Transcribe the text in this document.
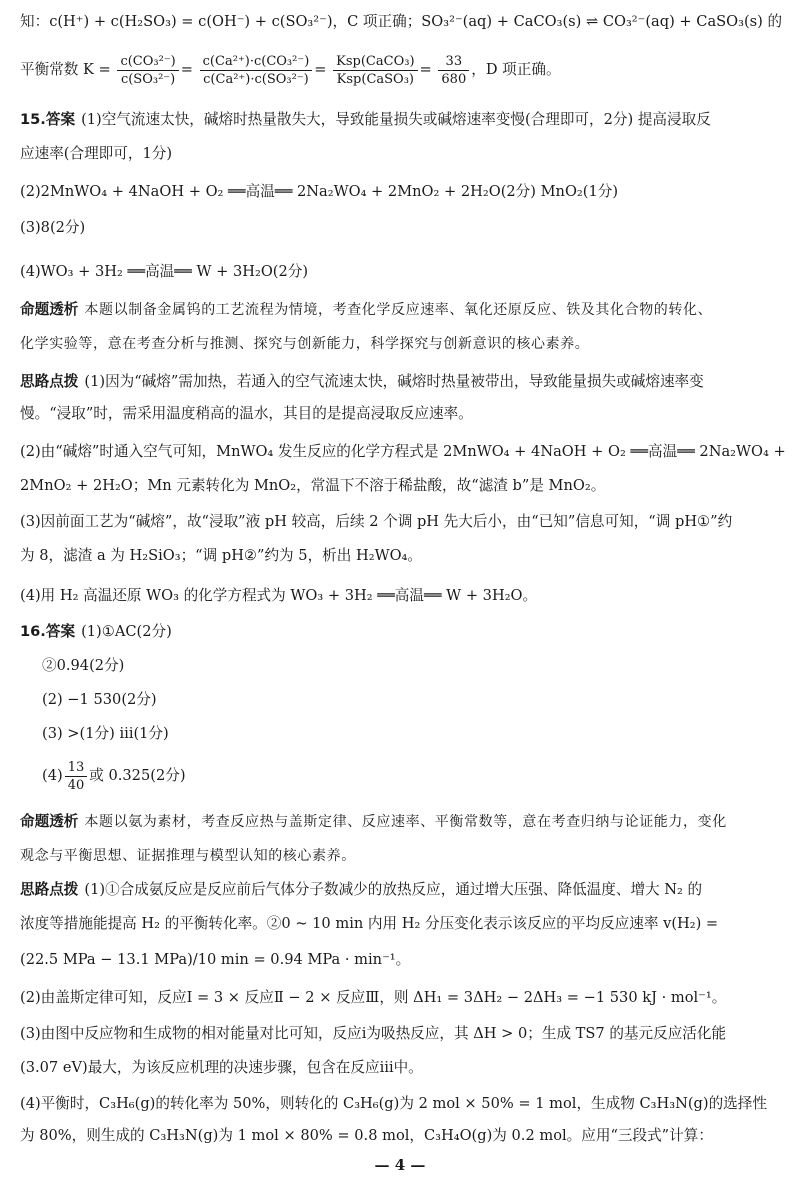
知：c(H⁺) + c(H₂SO₃) = c(OH⁻) + c(SO₃²⁻)，C 项正确；SO₃²⁻(aq) + CaCO₃(s) ⇌ CO₃²⁻(aq) + CaSO₃(s) 的
平衡常数 $K = \frac{\text{c(CO₃²⁻)}}{\text{c(SO₃²⁻)}} = \frac{\text{c(Ca²⁺)·c(CO₃²⁻)}}{\text{c(Ca²⁺)·c(SO₃²⁻)}} = \frac{\text{Ksp(CaCO₃)}}{\text{Ksp(CaSO₃)}} = \frac{33}{680}$ ，D 项正确。
15.答案 (1)空气流速太快，碱熔时热量散失大，导致能量损失或碱熔速率变慢(合理即可，2分) 提高浸取反
应速率(合理即可，1分)
(2)2MnWO₄ + 4NaOH + O₂ ══高温══ 2Na₂WO₄ + 2MnO₂ + 2H₂O(2分) MnO₂(1分)
(3)8(2分)
(4)WO₃ + 3H₂ ══高温══ W + 3H₂O(2分)
命题透析 本题以制备金属钨的工艺流程为情境，考查化学反应速率、氧化还原反应、铁及其化合物的转化、
化学实验等，意在考查分析与推测、探究与创新能力，科学探究与创新意识的核心素养。
思路点拨 (1)因为“碱熔”需加热，若通入的空气流速太快，碱熔时热量被带出，导致能量损失或碱熔速率变
慢。“浸取”时，需采用温度稍高的温水，其目的是提高浸取反应速率。
(2)由“碱熔”时通入空气可知，MnWO₄ 发生反应的化学方程式是 2MnWO₄ + 4NaOH + O₂ ══高温══ 2Na₂WO₄ +
2MnO₂ + 2H₂O；Mn 元素转化为 MnO₂，常温下不溶于稀盐酸，故“滤渣 b”是 MnO₂。
(3)因前面工艺为“碱熔”，故“浸取”液 pH 较高，后续 2 个调 pH 先大后小，由“已知”信息可知，“调 pH①”约
为 8，滤渣 a 为 H₂SiO₃；“调 pH②”约为 5，析出 H₂WO₄。
(4)用 H₂ 高温还原 WO₃ 的化学方程式为 WO₃ + 3H₂ ══高温══ W + 3H₂O。
16.答案 (1)①AC(2分)
②0.94(2分)
(2) −1 530(2分)
(3) >(1分) ⅲ(1分)
$(4) \frac{13}{40}$ 或 0.325(2分)
命题透析 本题以氨为素材，考查反应热与盖斯定律、反应速率、平衡常数等，意在考查归纳与论证能力，变化
观念与平衡思想、证据推理与模型认知的核心素养。
思路点拨 (1)①合成氨反应是反应前后气体分子数减少的放热反应，通过增大压强、降低温度、增大 N₂ 的
浓度等措施能提高 H₂ 的平衡转化率。②0 ~ 10 min 内用 H₂ 分压变化表示该反应的平均反应速率 v(H₂) =
(22.5 MPa − 13.1 MPa)/10 min = 0.94 MPa · min⁻¹。
(2)由盖斯定律可知，反应Ⅰ = 3 × 反应Ⅱ − 2 × 反应Ⅲ，则 ΔH₁ = 3ΔH₂ − 2ΔH₃ = −1 530 kJ · mol⁻¹。
(3)由图中反应物和生成物的相对能量对比可知，反应ⅰ为吸热反应，其 ΔH > 0；生成 TS7 的基元反应活化能
(3.07 eV)最大，为该反应机理的决速步骤，包含在反应ⅲ中。
(4)平衡时，C₃H₆(g)的转化率为 50%，则转化的 C₃H₆(g)为 2 mol × 50% = 1 mol，生成物 C₃H₃N(g)的选择性
为 80%，则生成的 C₃H₃N(g)为 1 mol × 80% = 0.8 mol，C₃H₄O(g)为 0.2 mol。应用“三段式”计算：
— 4 —
